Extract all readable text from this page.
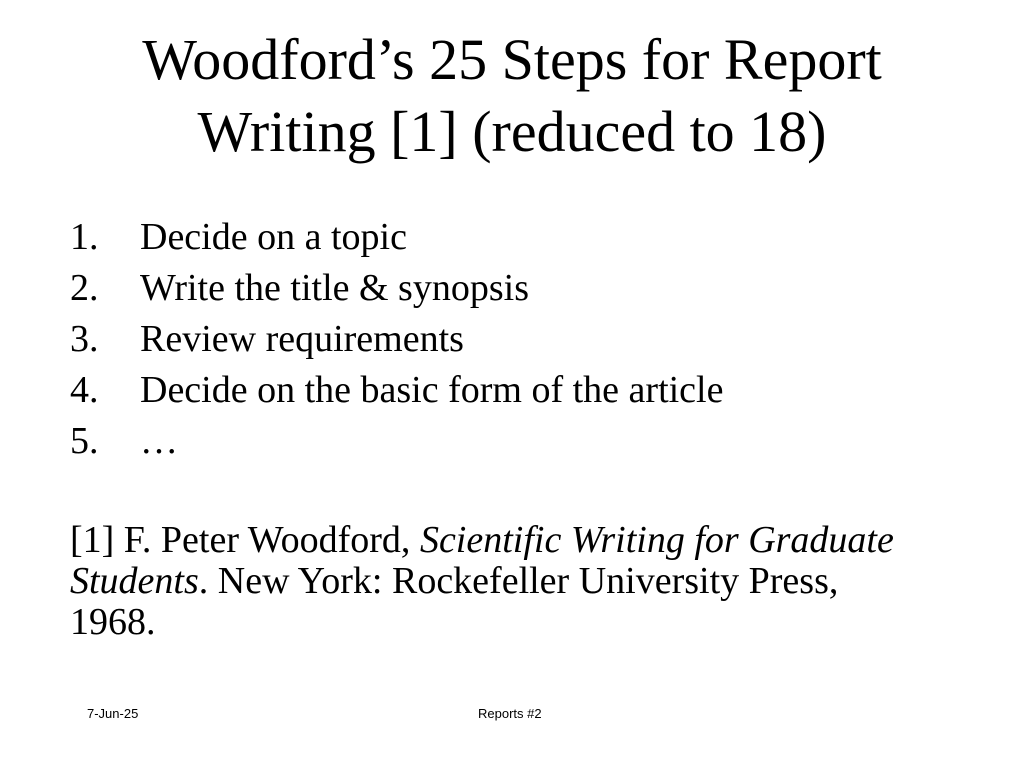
Woodford’s 25 Steps for Report
Writing [1] (reduced to 18)
1.	Decide on a topic
2.	Write the title & synopsis
3.	Review requirements
4.	Decide on the basic form of the article
5.	…

[1] F. Peter Woodford, Scientific Writing for Graduate Students. New York: Rockefeller University Press, 1968.

7-Jun-25	Reports #2
